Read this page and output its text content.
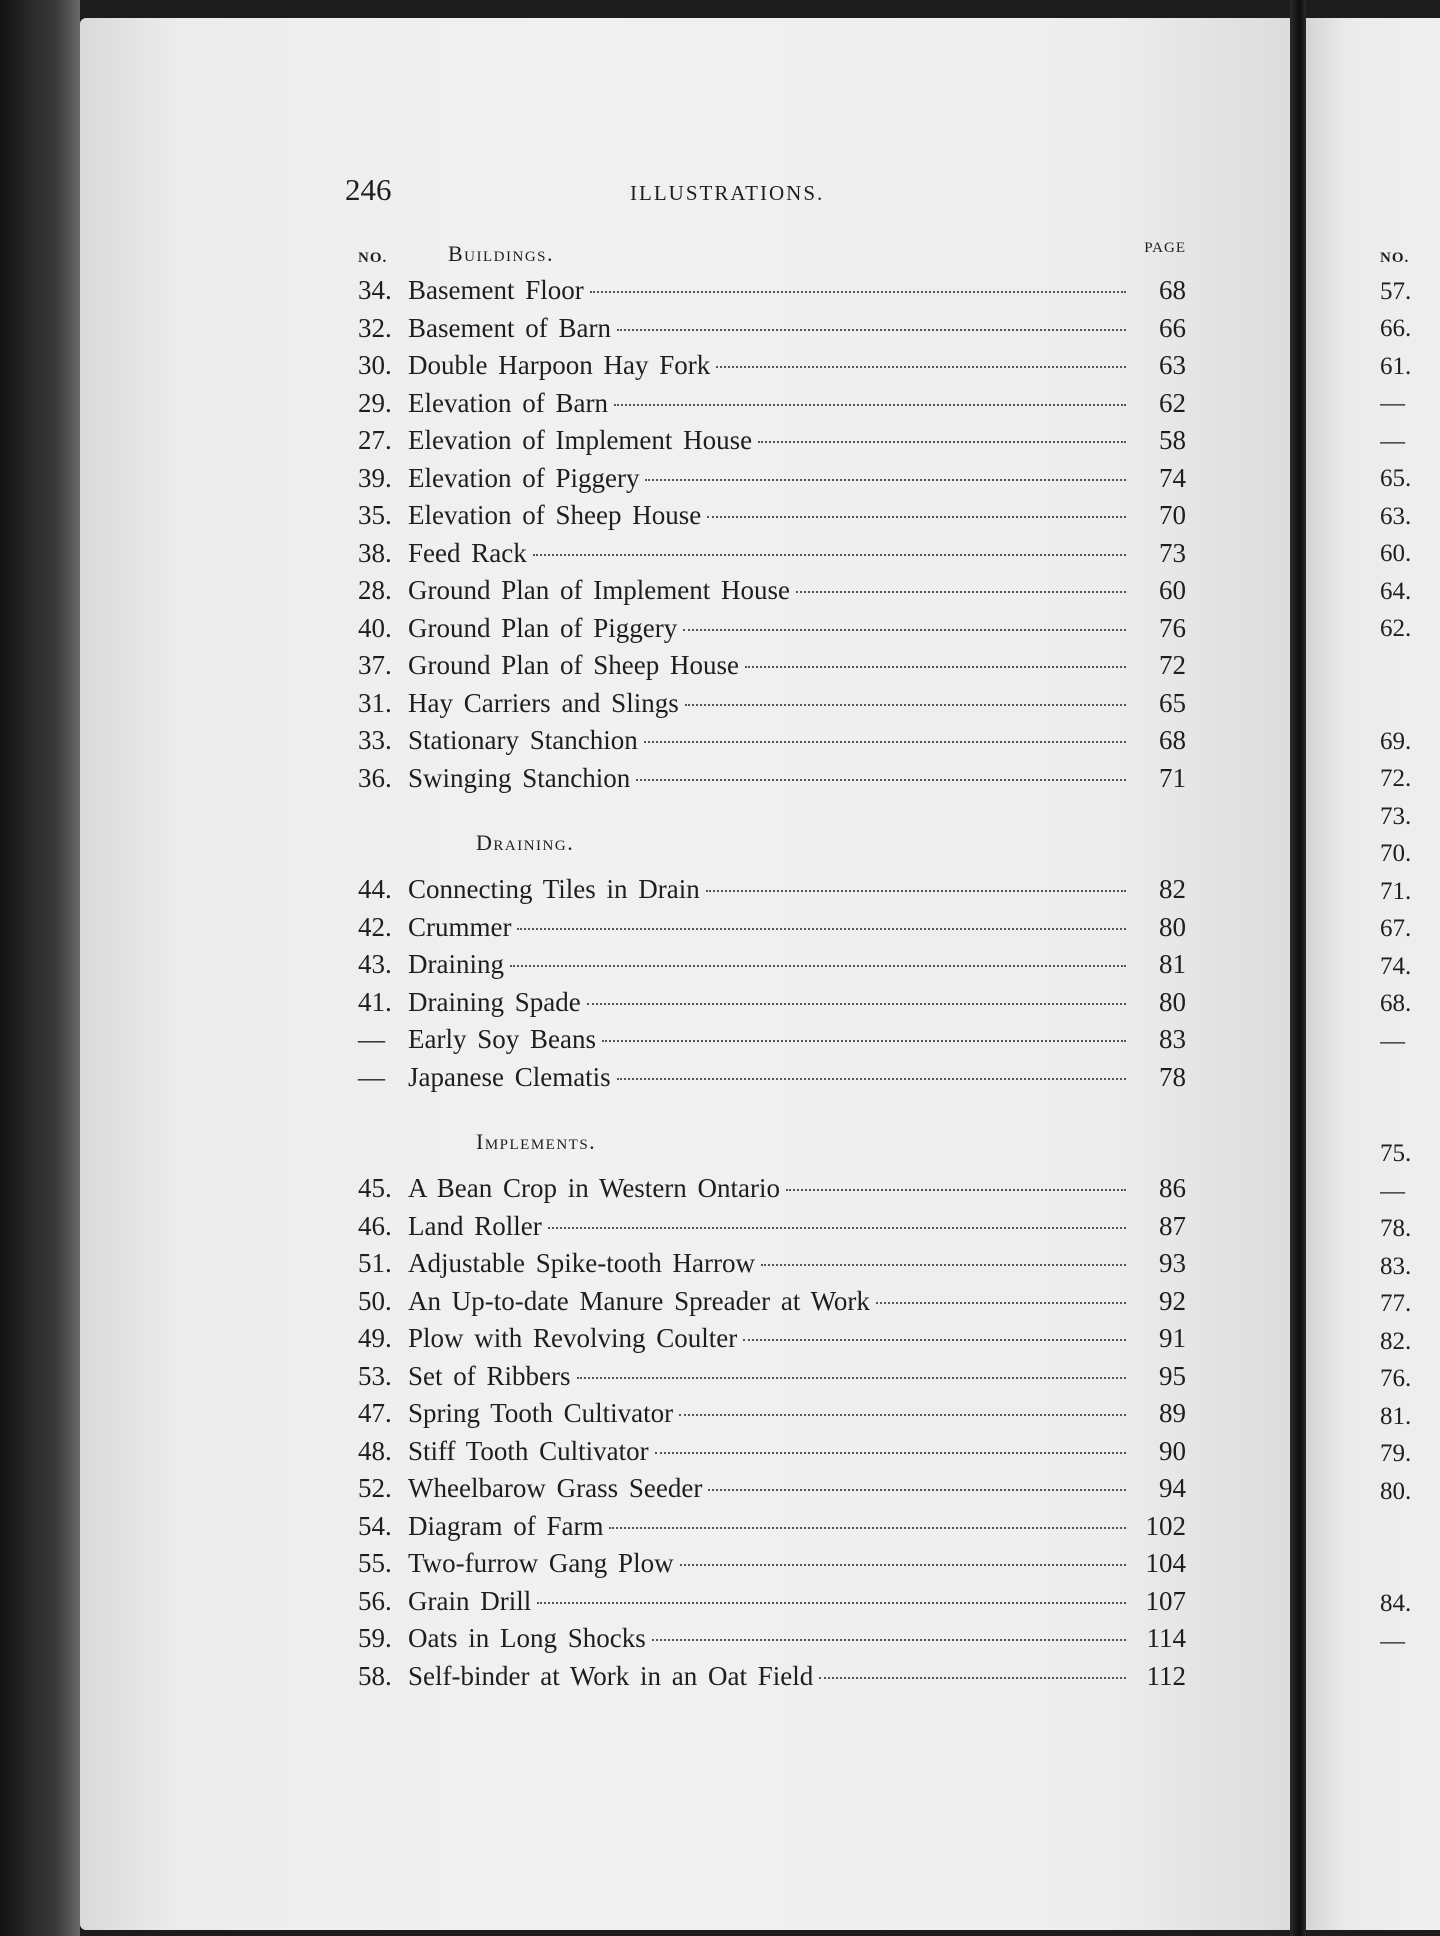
246	ILLUSTRATIONS.
NO.	Buildings.	PAGE
34. Basement Floor	68
32. Basement of Barn	66
30. Double Harpoon Hay Fork	63
29. Elevation of Barn	62
27. Elevation of Implement House	58
39. Elevation of Piggery	74
35. Elevation of Sheep House	70
38. Feed Rack	73
28. Ground Plan of Implement House	60
40. Ground Plan of Piggery	76
37. Ground Plan of Sheep House	72
31. Hay Carriers and Slings	65
33. Stationary Stanchion	68
36. Swinging Stanchion	71
Draining.
44. Connecting Tiles in Drain	82
42. Crummer	80
43. Draining	81
41. Draining Spade	80
— Early Soy Beans	83
— Japanese Clematis	78
Implements.
45. A Bean Crop in Western Ontario	86
46. Land Roller	87
51. Adjustable Spike-tooth Harrow	93
50. An Up-to-date Manure Spreader at Work	92
49. Plow with Revolving Coulter	91
53. Set of Ribbers	95
47. Spring Tooth Cultivator	89
48. Stiff Tooth Cultivator	90
52. Wheelbarow Grass Seeder	94
54. Diagram of Farm	102
55. Two-furrow Gang Plow	104
56. Grain Drill	107
59. Oats in Long Shocks	114
58. Self-binder at Work in an Oat Field	112
NO.
57.
66.
61.
—
—
65.
63.
60.
64.
62.
69.
72.
73.
70.
71.
67.
74.
68.
—
75.
—
78.
83.
77.
82.
76.
81.
79.
80.
84.
—
